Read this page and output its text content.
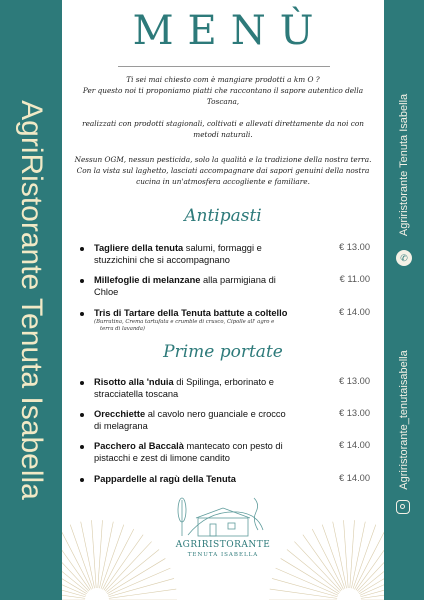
AgriRistorante Tenuta Isabella	Agriristorante Tenuta Isabella
✆
Agriristorante_tenutaisabella
MENÙ
Ti sei mai chiesto com è mangiare prodotti a km O ?
Per questo noi ti proponiamo piatti che raccontano il sapore autentico della
Toscana,
realizzati con prodotti stagionali, coltivati e allevati direttamente da noi con
metodi naturali.
Nessun OGM, nessun pesticida, solo la qualità e la tradizione della nostra terra.
Con la vista sul laghetto, lasciati accompagnare dai sapori genuini della nostra
cucina in un'atmosfera accogliente e familiare.
Antipasti
Tagliere della tenuta salumi, formaggi e stuzzichini che si accompagnano
€ 13.00
Millefoglie di melanzane alla parmigiana di Chloe
€ 11.00
Tris di Tartare della Tenuta battute a coltello	€ 14.00
(Burratina, Crema tartufata e crumble di crusco, Cipolle all' agro e
terra di lavanda)
Prime portate
Risotto alla 'nduia di Spilinga, erborinato e stracciatella toscana
€ 13.00
Orecchiette al cavolo nero guanciale e crocco di melagrana
€ 13.00
Pacchero al Baccalà mantecato con pesto di pistacchi e zest di limone candito
€ 14.00
Pappardelle al ragù della Tenuta	€ 14.00
AGRIRISTORANTE
TENUTA ISABELLA
